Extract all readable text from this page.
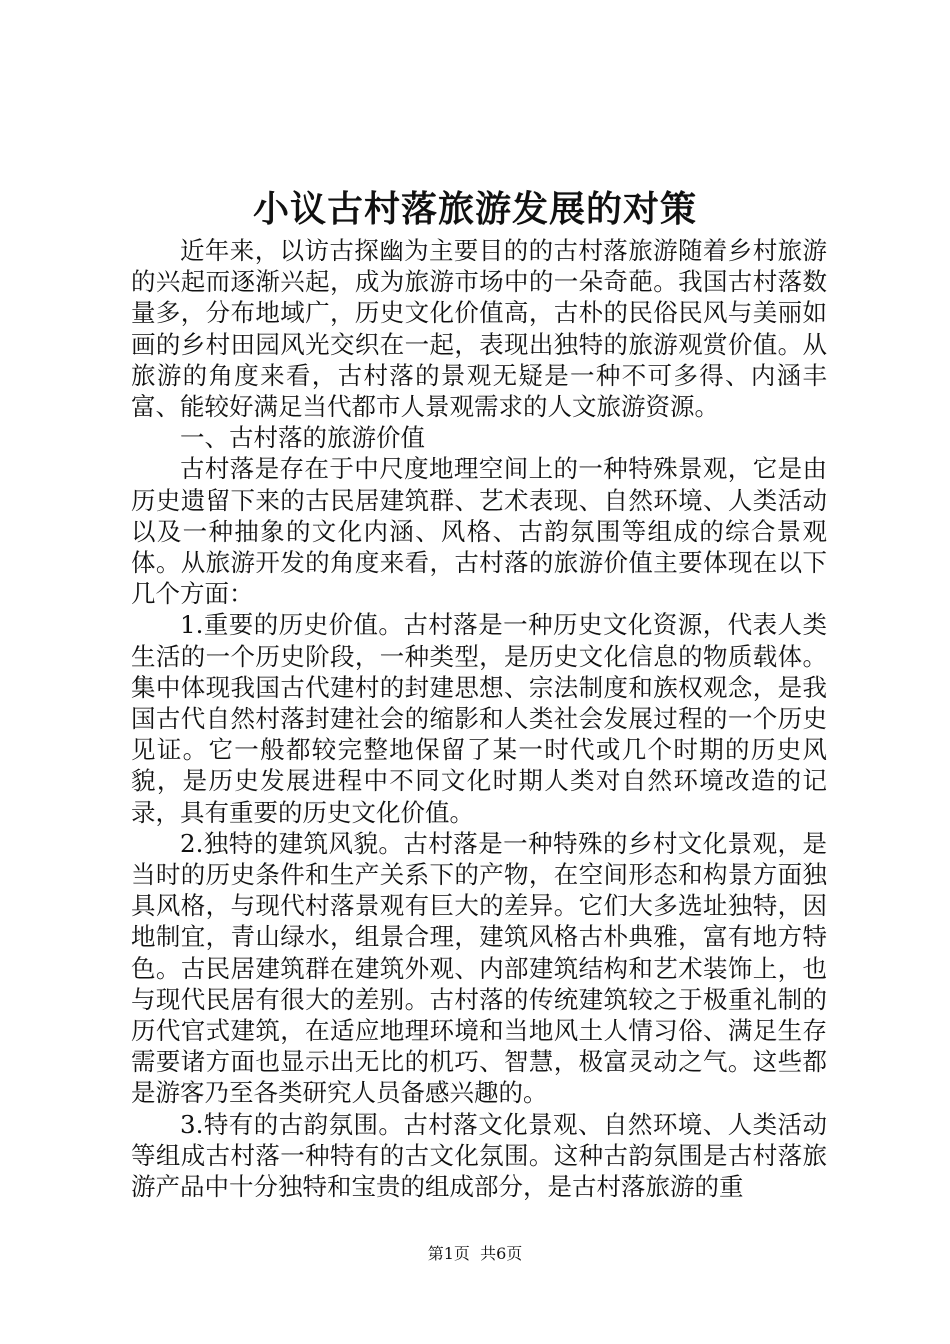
小议古村落旅游发展的对策

近年来，以访古探幽为主要目的的古村落旅游随着乡村旅游的兴起而逐渐兴起，成为旅游市场中的一朵奇葩。我国古村落数量多，分布地域广，历史文化价值高，古朴的民俗民风与美丽如画的乡村田园风光交织在一起，表现出独特的旅游观赏价值。从旅游的角度来看，古村落的景观无疑是一种不可多得、内涵丰富、能较好满足当代都市人景观需求的人文旅游资源。

一、古村落的旅游价值

古村落是存在于中尺度地理空间上的一种特殊景观，它是由历史遗留下来的古民居建筑群、艺术表现、自然环境、人类活动以及一种抽象的文化内涵、风格、古韵氛围等组成的综合景观体。从旅游开发的角度来看，古村落的旅游价值主要体现在以下几个方面：

1.重要的历史价值。古村落是一种历史文化资源，代表人类生活的一个历史阶段，一种类型，是历史文化信息的物质载体。集中体现我国古代建村的封建思想、宗法制度和族权观念，是我国古代自然村落封建社会的缩影和人类社会发展过程的一个历史见证。它一般都较完整地保留了某一时代或几个时期的历史风貌，是历史发展进程中不同文化时期人类对自然环境改造的记录，具有重要的历史文化价值。

2.独特的建筑风貌。古村落是一种特殊的乡村文化景观，是当时的历史条件和生产关系下的产物，在空间形态和构景方面独具风格，与现代村落景观有巨大的差异。它们大多选址独特，因地制宜，青山绿水，组景合理，建筑风格古朴典雅，富有地方特色。古民居建筑群在建筑外观、内部建筑结构和艺术装饰上，也与现代民居有很大的差别。古村落的传统建筑较之于极重礼制的历代官式建筑，在适应地理环境和当地风土人情习俗、满足生存需要诸方面也显示出无比的机巧、智慧，极富灵动之气。这些都是游客乃至各类研究人员备感兴趣的。

3.特有的古韵氛围。古村落文化景观、自然环境、人类活动等组成古村落一种特有的古文化氛围。这种古韵氛围是古村落旅游产品中十分独特和宝贵的组成部分，是古村落旅游的重

第1页 共6页
